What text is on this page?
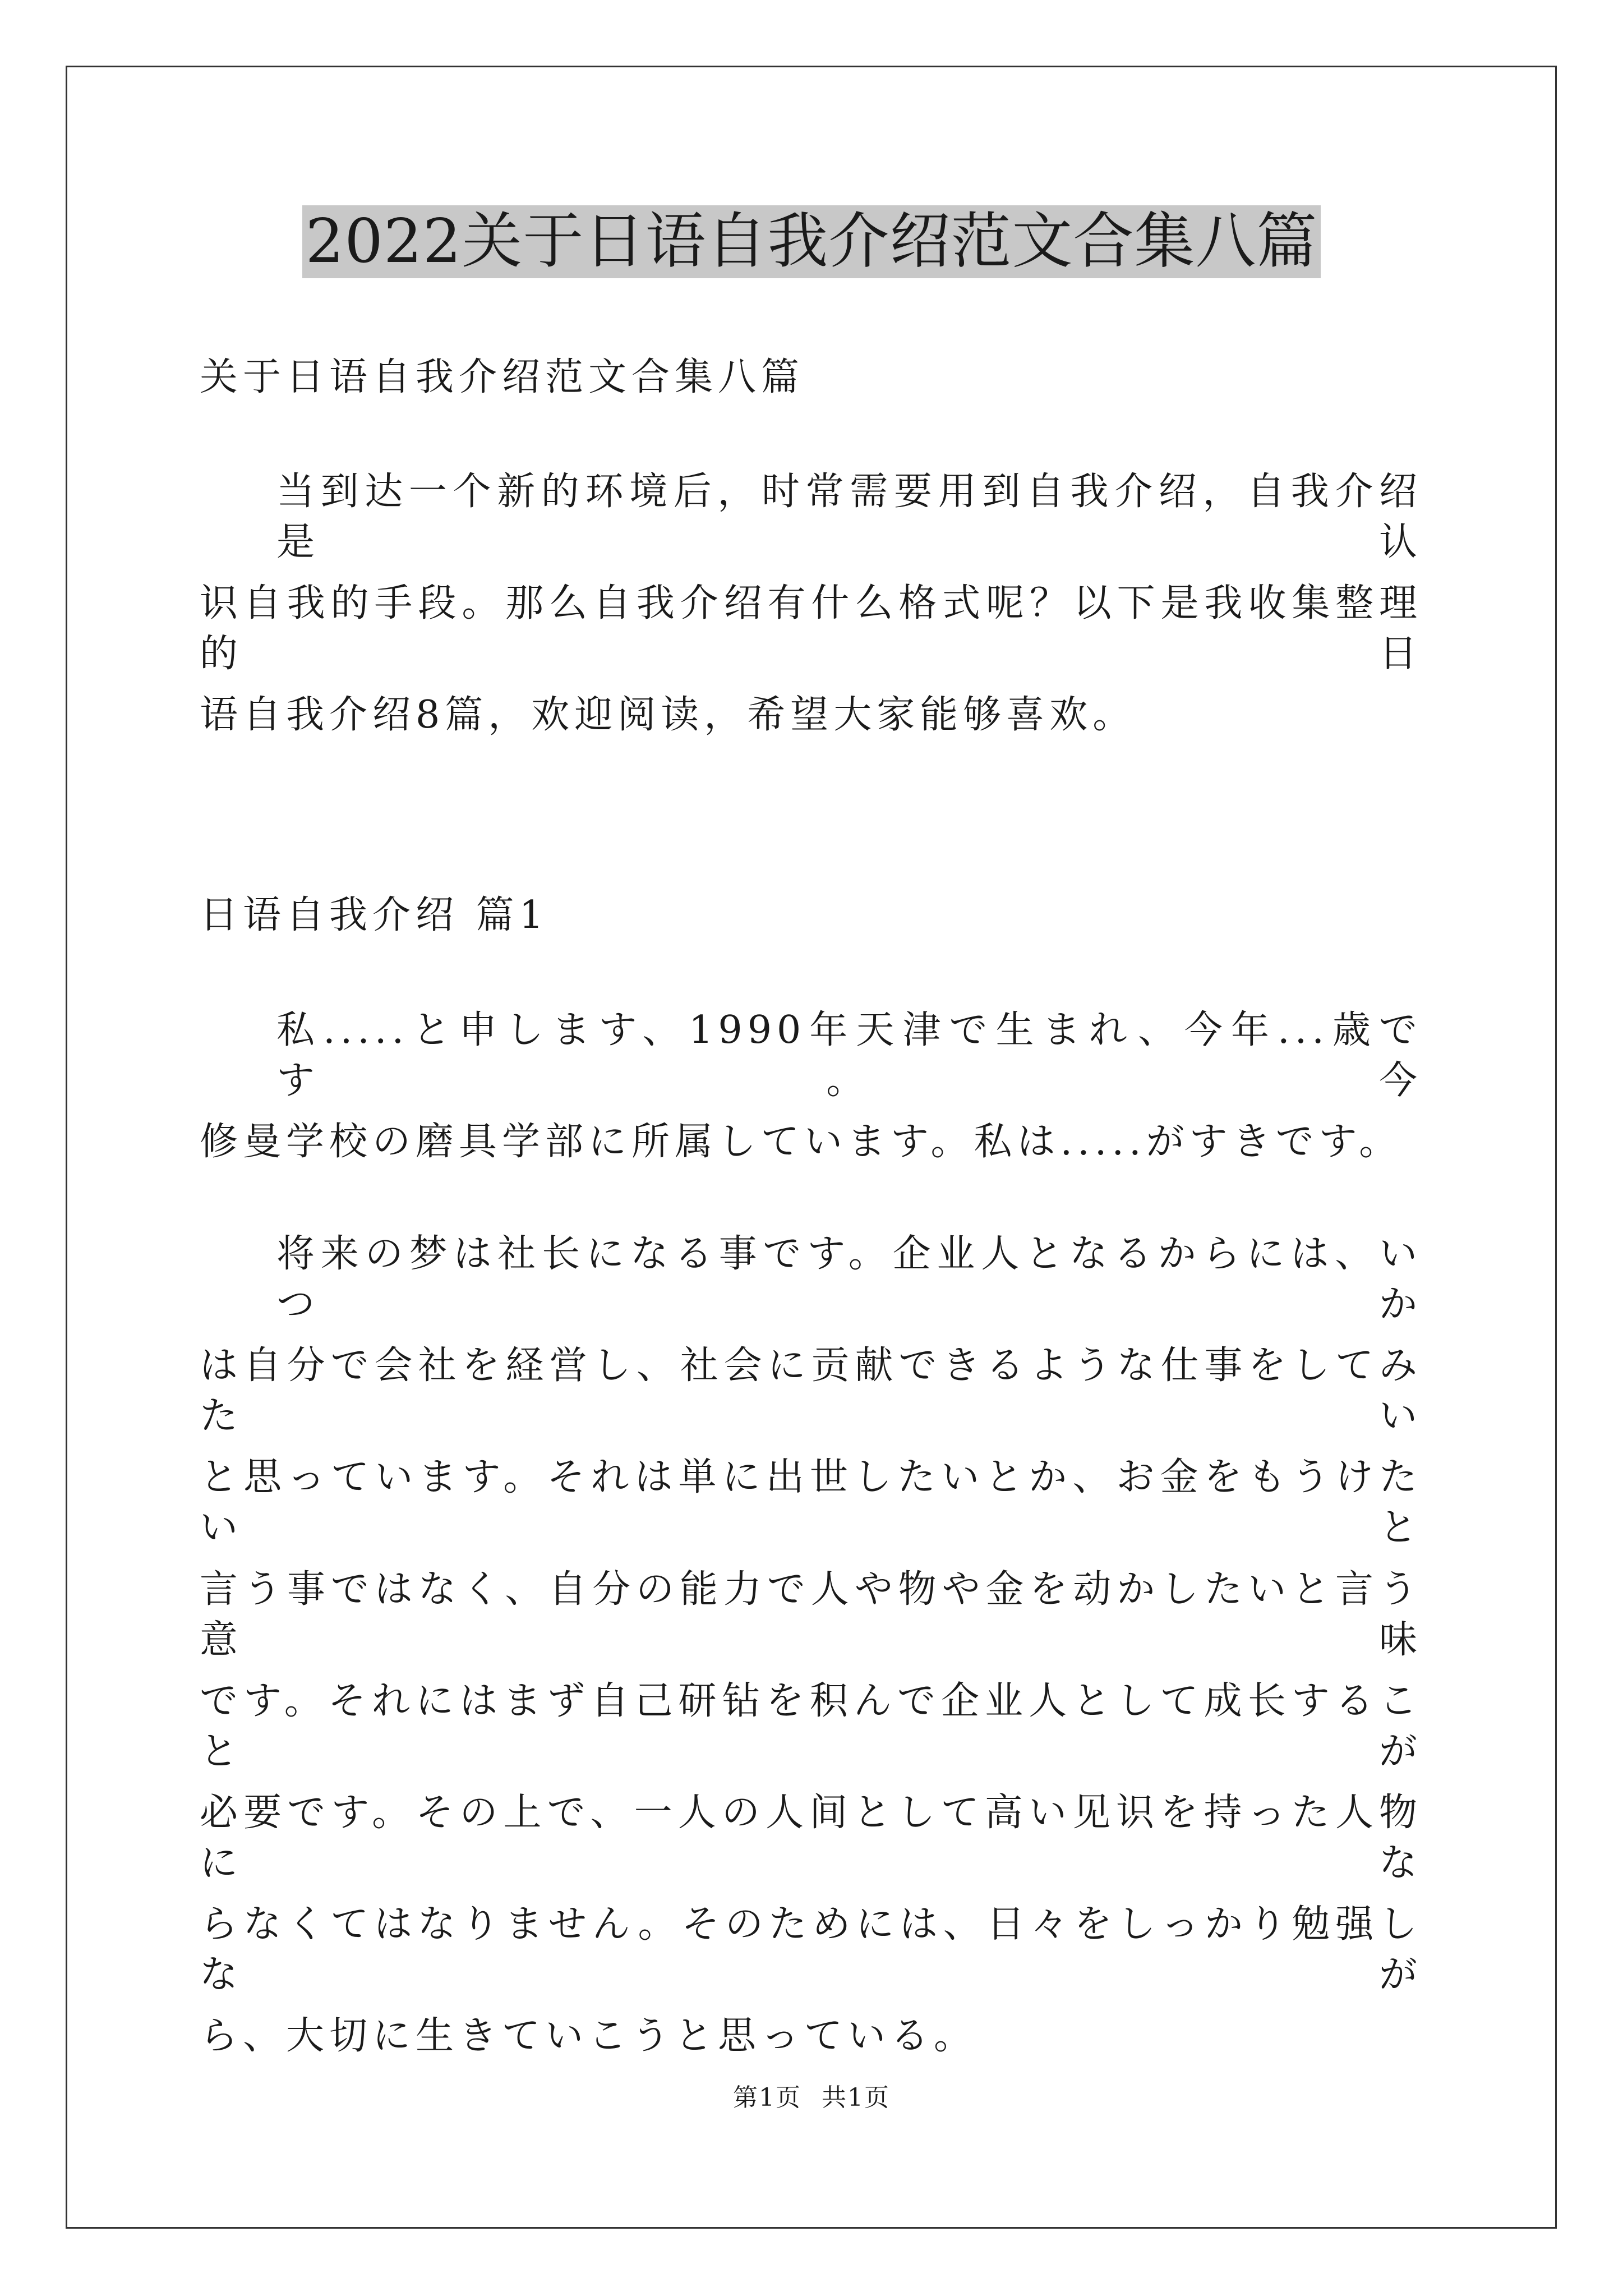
2022关于日语自我介绍范文合集八篇
关于日语自我介绍范文合集八篇
当到达一个新的环境后，时常需要用到自我介绍，自我介绍是认
识自我的手段。那么自我介绍有什么格式呢？以下是我收集整理的日
语自我介绍8篇，欢迎阅读，希望大家能够喜欢。
日语自我介绍 篇1
私.....と申します、1990年天津で生まれ、今年...歳です。今
修曼学校の磨具学部に所属しています。私は.....がすきです。
将来の梦は社长になる事です。企业人となるからには、いつか
は自分で会社を経営し、社会に贡献できるような仕事をしてみたい
と思っています。それは単に出世したいとか、お金をもうけたいと
言う事ではなく、自分の能力で人や物や金を动かしたいと言う意味
です。それにはまず自己研钻を积んで企业人として成长することが
必要です。その上で、一人の人间として高い见识を持った人物にな
らなくてはなりません。そのためには、日々をしっかり勉强しなが
ら、大切に生きていこうと思っている。
第1页 共1页
